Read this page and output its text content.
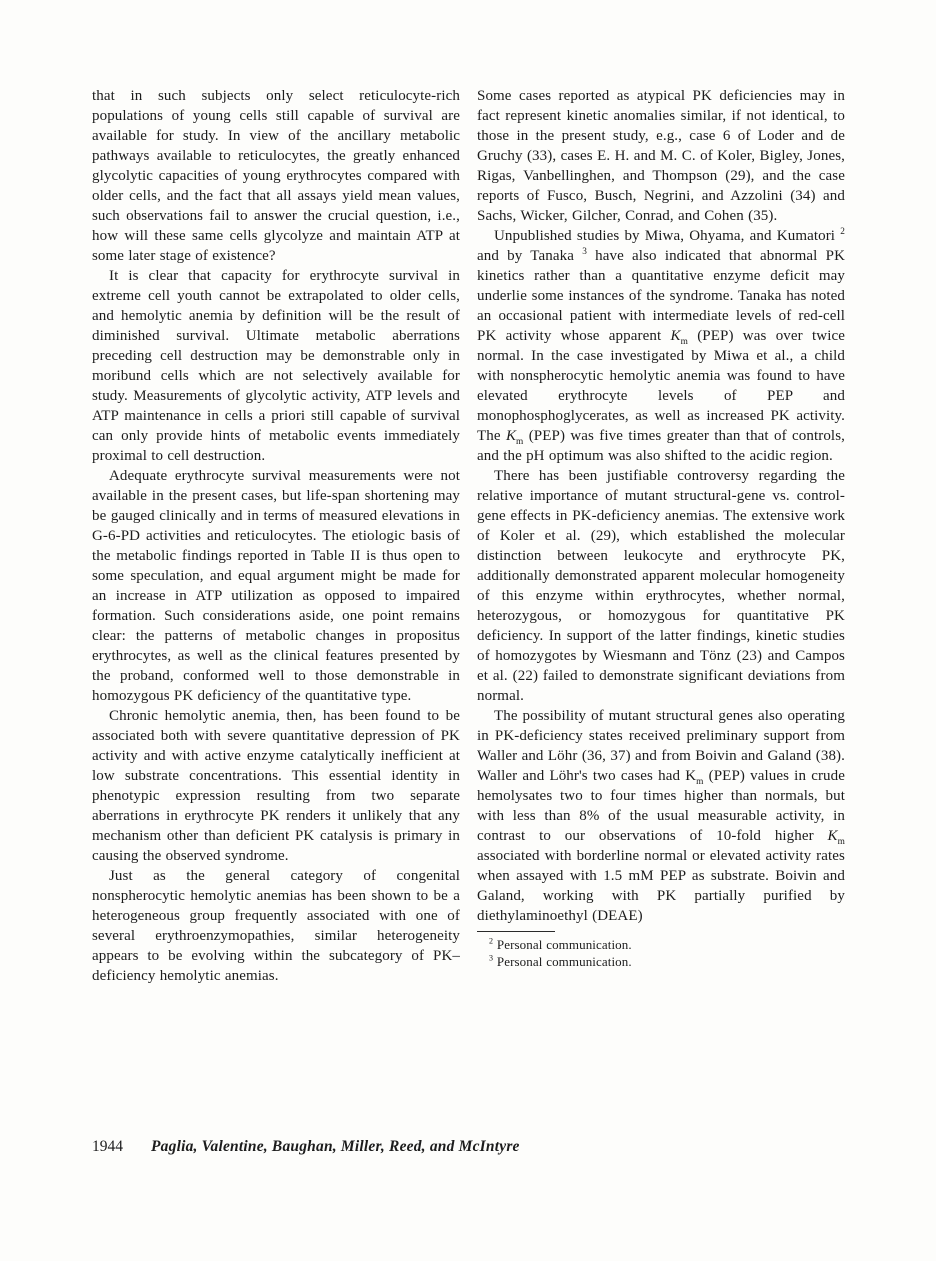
that in such subjects only select reticulocyte-rich populations of young cells still capable of survival are available for study. In view of the ancillary metabolic pathways available to reticulocytes, the greatly enhanced glycolytic capacities of young erythrocytes compared with older cells, and the fact that all assays yield mean values, such observations fail to answer the crucial question, i.e., how will these same cells glycolyze and maintain ATP at some later stage of existence?

It is clear that capacity for erythrocyte survival in extreme cell youth cannot be extrapolated to older cells, and hemolytic anemia by definition will be the result of diminished survival. Ultimate metabolic aberrations preceding cell destruction may be demonstrable only in moribund cells which are not selectively available for study. Measurements of glycolytic activity, ATP levels and ATP maintenance in cells a priori still capable of survival can only provide hints of metabolic events immediately proximal to cell destruction.

Adequate erythrocyte survival measurements were not available in the present cases, but life-span shortening may be gauged clinically and in terms of measured elevations in G-6-PD activities and reticulocytes. The etiologic basis of the metabolic findings reported in Table II is thus open to some speculation, and equal argument might be made for an increase in ATP utilization as opposed to impaired formation. Such considerations aside, one point remains clear: the patterns of metabolic changes in propositus erythrocytes, as well as the clinical features presented by the proband, conformed well to those demonstrable in homozygous PK deficiency of the quantitative type.

Chronic hemolytic anemia, then, has been found to be associated both with severe quantitative depression of PK activity and with active enzyme catalytically inefficient at low substrate concentrations. This essential identity in phenotypic expression resulting from two separate aberrations in erythrocyte PK renders it unlikely that any mechanism other than deficient PK catalysis is primary in causing the observed syndrome.

Just as the general category of congenital nonspherocytic hemolytic anemias has been shown to be a heterogeneous group frequently associated with one of several erythroenzymopathies, similar heterogeneity appears to be evolving within the subcategory of PK–deficiency hemolytic anemias.

Some cases reported as atypical PK deficiencies may in fact represent kinetic anomalies similar, if not identical, to those in the present study, e.g., case 6 of Loder and de Gruchy (33), cases E. H. and M. C. of Koler, Bigley, Jones, Rigas, Vanbellinghen, and Thompson (29), and the case reports of Fusco, Busch, Negrini, and Azzolini (34) and Sachs, Wicker, Gilcher, Conrad, and Cohen (35).

Unpublished studies by Miwa, Ohyama, and Kumatori $^2$ and by Tanaka $^3$ have also indicated that abnormal PK kinetics rather than a quantitative enzyme deficit may underlie some instances of the syndrome. Tanaka has noted an occasional patient with intermediate levels of red-cell PK activity whose apparent $K_m$ (PEP) was over twice normal. In the case investigated by Miwa et al., a child with nonspherocytic hemolytic anemia was found to have elevated erythrocyte levels of PEP and monophosphoglycerates, as well as increased PK activity. The $K_m$ (PEP) was five times greater than that of controls, and the pH optimum was also shifted to the acidic region.

There has been justifiable controversy regarding the relative importance of mutant structural-gene vs. control-gene effects in PK-deficiency anemias. The extensive work of Koler et al. (29), which established the molecular distinction between leukocyte and erythrocyte PK, additionally demonstrated apparent molecular homogeneity of this enzyme within erythrocytes, whether normal, heterozygous, or homozygous for quantitative PK deficiency. In support of the latter findings, kinetic studies of homozygotes by Wiesmann and Tönz (23) and Campos et al. (22) failed to demonstrate significant deviations from normal.

The possibility of mutant structural genes also operating in PK-deficiency states received preliminary support from Waller and Löhr (36, 37) and from Boivin and Galand (38). Waller and Löhr's two cases had $K_m$ (PEP) values in crude hemolysates two to four times higher than normals, but with less than 8% of the usual measurable activity, in contrast to our observations of 10-fold higher $K_m$ associated with borderline normal or elevated activity rates when assayed with 1.5 mM PEP as substrate. Boivin and Galand, working with PK partially purified by diethylaminoethyl (DEAE)

$^2$ Personal communication.
$^3$ Personal communication.
1944 Paglia, Valentine, Baughan, Miller, Reed, and McIntyre
